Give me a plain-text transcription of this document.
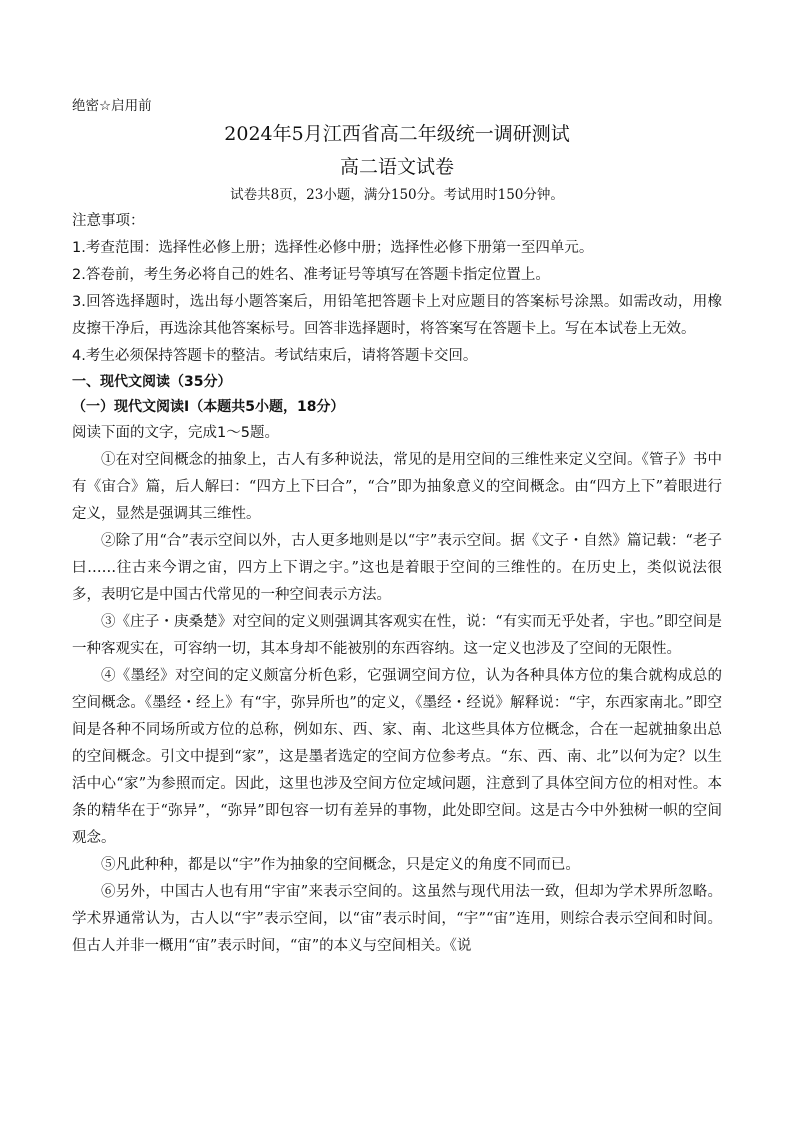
绝密☆启用前

2024年5月江西省高二年级统一调研测试
高二语文试卷

试卷共8页，23小题，满分150分。考试用时150分钟。

注意事项：

1.考查范围：选择性必修上册；选择性必修中册；选择性必修下册第一至四单元。

2.答卷前，考生务必将自己的姓名、准考证号等填写在答题卡指定位置上。

3.回答选择题时，选出每小题答案后，用铅笔把答题卡上对应题目的答案标号涂黑。如需改动，用橡皮擦干净后，再选涂其他答案标号。回答非选择题时，将答案写在答题卡上。写在本试卷上无效。

4.考生必须保持答题卡的整洁。考试结束后，请将答题卡交回。

一、现代文阅读（35分）

（一）现代文阅读Ⅰ（本题共5小题，18分）

阅读下面的文字，完成1～5题。

①在对空间概念的抽象上，古人有多种说法，常见的是用空间的三维性来定义空间。《管子》书中有《宙合》篇，后人解曰：“四方上下曰合”，“合”即为抽象意义的空间概念。由“四方上下”着眼进行定义，显然是强调其三维性。

②除了用“合”表示空间以外，古人更多地则是以“宇”表示空间。据《文子・自然》篇记载：“老子曰……往古来今谓之宙，四方上下谓之宇。”这也是着眼于空间的三维性的。在历史上，类似说法很多，表明它是中国古代常见的一种空间表示方法。

③《庄子・庚桑楚》对空间的定义则强调其客观实在性，说：“有实而无乎处者，宇也。”即空间是一种客观实在，可容纳一切，其本身却不能被别的东西容纳。这一定义也涉及了空间的无限性。

④《墨经》对空间的定义颇富分析色彩，它强调空间方位，认为各种具体方位的集合就构成总的空间概念。《墨经・经上》有“宇，弥异所也”的定义，《墨经・经说》解释说：“宇，东西家南北。”即空间是各种不同场所或方位的总称，例如东、西、家、南、北这些具体方位概念，合在一起就抽象出总的空间概念。引文中提到“家”，这是墨者选定的空间方位参考点。“东、西、南、北”以何为定？以生活中心“家”为参照而定。因此，这里也涉及空间方位定域问题，注意到了具体空间方位的相对性。本条的精华在于“弥异”，“弥异”即包容一切有差异的事物，此处即空间。这是古今中外独树一帜的空间观念。

⑤凡此种种，都是以“宇”作为抽象的空间概念，只是定义的角度不同而已。

⑥另外，中国古人也有用“宇宙”来表示空间的。这虽然与现代用法一致，但却为学术界所忽略。学术界通常认为，古人以“宇”表示空间，以“宙”表示时间，“宇”“宙”连用，则综合表示空间和时间。但古人并非一概用“宙”表示时间，“宙”的本义与空间相关。《说
